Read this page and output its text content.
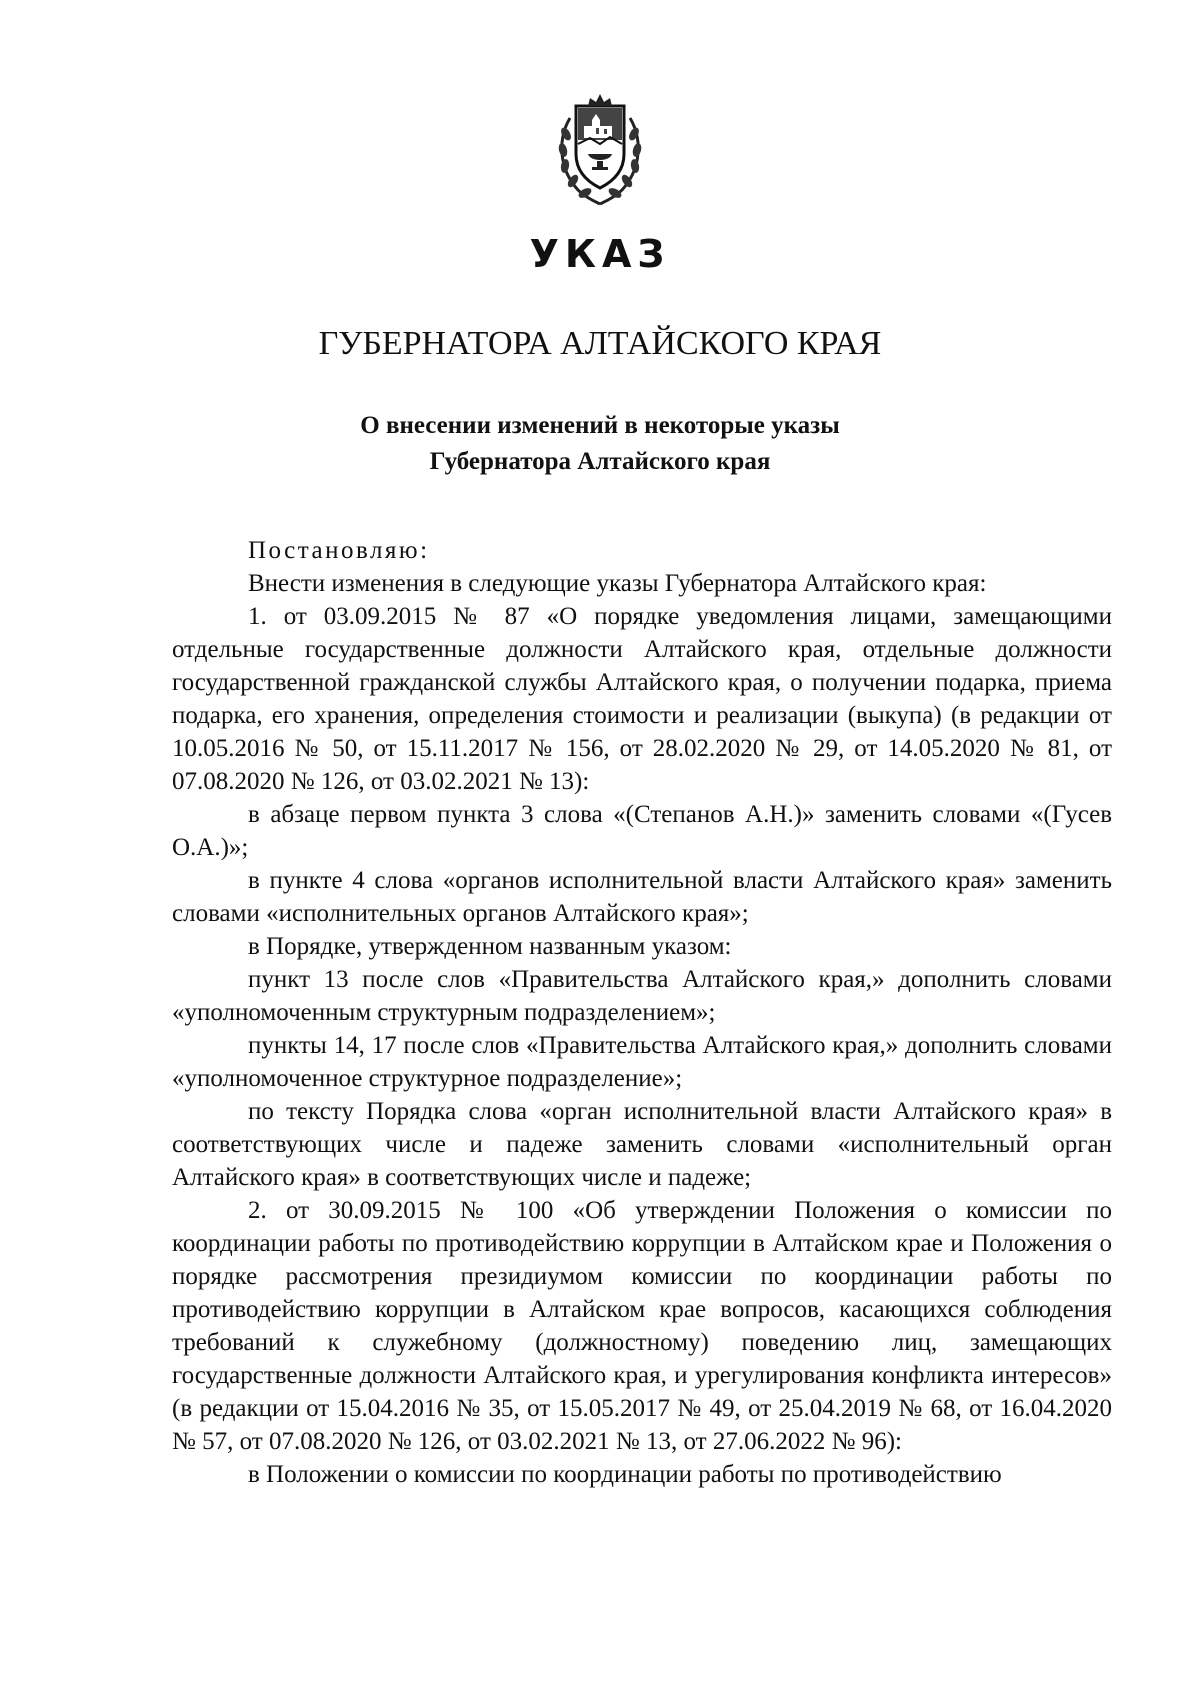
УКАЗ
ГУБЕРНАТОРА АЛТАЙСКОГО КРАЯ
О внесении изменений в некоторые указы
Губернатора Алтайского края

Постановляю:

Внести изменения в следующие указы Губернатора Алтайского края:

1. от 03.09.2015 № 87 «О порядке уведомления лицами, замещающими отдельные государственные должности Алтайского края, отдельные должности государственной гражданской службы Алтайского края, о получении подарка, приема подарка, его хранения, определения стоимости и реализации (выкупа) (в редакции от 10.05.2016 № 50, от 15.11.2017 № 156, от 28.02.2020 № 29, от 14.05.2020 № 81, от 07.08.2020 № 126, от 03.02.2021 № 13):

в абзаце первом пункта 3 слова «(Степанов А.Н.)» заменить словами «(Гусев О.А.)»;

в пункте 4 слова «органов исполнительной власти Алтайского края» заменить словами «исполнительных органов Алтайского края»;

в Порядке, утвержденном названным указом:

пункт 13 после слов «Правительства Алтайского края,» дополнить словами «уполномоченным структурным подразделением»;

пункты 14, 17 после слов «Правительства Алтайского края,» дополнить словами «уполномоченное структурное подразделение»;

по тексту Порядка слова «орган исполнительной власти Алтайского края» в соответствующих числе и падеже заменить словами «исполнительный орган Алтайского края» в соответствующих числе и падеже;

2. от 30.09.2015 № 100 «Об утверждении Положения о комиссии по координации работы по противодействию коррупции в Алтайском крае и Положения о порядке рассмотрения президиумом комиссии по координации работы по противодействию коррупции в Алтайском крае вопросов, касающихся соблюдения требований к служебному (должностному) поведению лиц, замещающих государственные должности Алтайского края, и урегулирования конфликта интересов» (в редакции от 15.04.2016 № 35, от 15.05.2017 № 49, от 25.04.2019 № 68, от 16.04.2020 № 57, от 07.08.2020 № 126, от 03.02.2021 № 13, от 27.06.2022 № 96):

в Положении о комиссии по координации работы по противодействию
